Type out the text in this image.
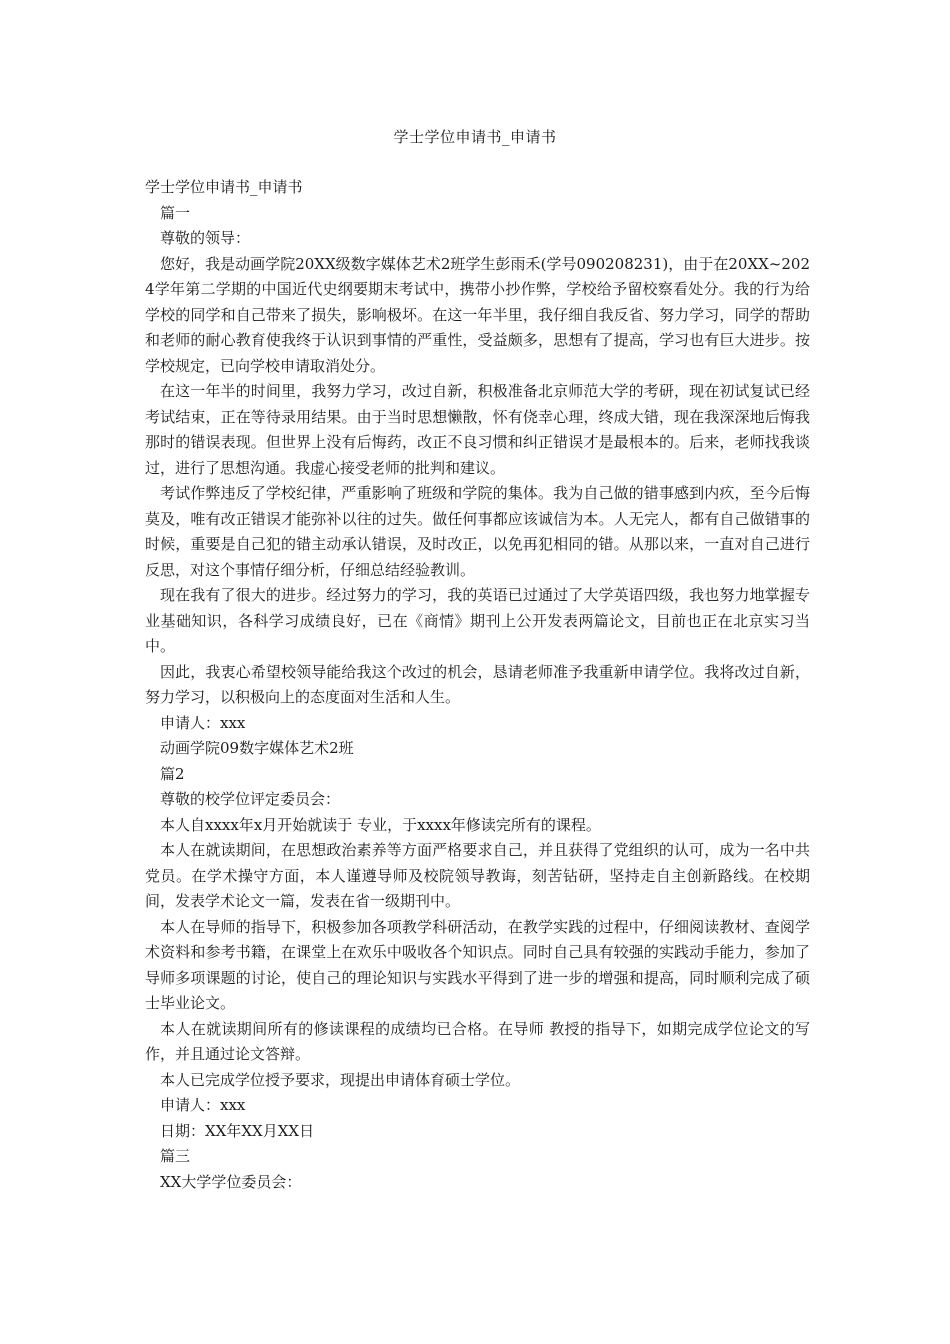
学士学位申请书_申请书

学士学位申请书_申请书

篇一

尊敬的领导：

您好，我是动画学院20XX级数字媒体艺术2班学生彭雨禾(学号090208231)，由于在20XX~2024学年第二学期的中国近代史纲要期末考试中，携带小抄作弊，学校给予留校察看处分。我的行为给学校的同学和自己带来了损失，影响极坏。在这一年半里，我仔细自我反省、努力学习，同学的帮助和老师的耐心教育使我终于认识到事情的严重性，受益颇多，思想有了提高，学习也有巨大进步。按学校规定，已向学校申请取消处分。

在这一年半的时间里，我努力学习，改过自新，积极准备北京师范大学的考研，现在初试复试已经考试结束，正在等待录用结果。由于当时思想懒散，怀有侥幸心理，终成大错，现在我深深地后悔我那时的错误表现。但世界上没有后悔药，改正不良习惯和纠正错误才是最根本的。后来，老师找我谈过，进行了思想沟通。我虚心接受老师的批判和建议。

考试作弊违反了学校纪律，严重影响了班级和学院的集体。我为自己做的错事感到内疚，至今后悔莫及，唯有改正错误才能弥补以往的过失。做任何事都应该诚信为本。人无完人，都有自己做错事的时候，重要是自己犯的错主动承认错误，及时改正，以免再犯相同的错。从那以来，一直对自己进行反思，对这个事情仔细分析，仔细总结经验教训。

现在我有了很大的进步。经过努力的学习，我的英语已过通过了大学英语四级，我也努力地掌握专业基础知识，各科学习成绩良好，已在《商情》期刊上公开发表两篇论文，目前也正在北京实习当中。

因此，我衷心希望校领导能给我这个改过的机会，恳请老师准予我重新申请学位。我将改过自新，努力学习，以积极向上的态度面对生活和人生。

申请人：xxx

动画学院09数字媒体艺术2班

篇2

尊敬的校学位评定委员会：

本人自xxxx年x月开始就读于 专业，于xxxx年修读完所有的课程。

本人在就读期间，在思想政治素养等方面严格要求自己，并且获得了党组织的认可，成为一名中共党员。在学术操守方面，本人谨遵导师及校院领导教诲，刻苦钻研，坚持走自主创新路线。在校期间，发表学术论文一篇，发表在省一级期刊中。

本人在导师的指导下，积极参加各项教学科研活动，在教学实践的过程中，仔细阅读教材、查阅学术资料和参考书籍，在课堂上在欢乐中吸收各个知识点。同时自己具有较强的实践动手能力，参加了导师多项课题的讨论，使自己的理论知识与实践水平得到了进一步的增强和提高，同时顺利完成了硕士毕业论文。

本人在就读期间所有的修读课程的成绩均已合格。在导师 教授的指导下，如期完成学位论文的写作，并且通过论文答辩。

本人已完成学位授予要求，现提出申请体育硕士学位。

申请人：xxx

日期：XX年XX月XX日

篇三

XX大学学位委员会：
